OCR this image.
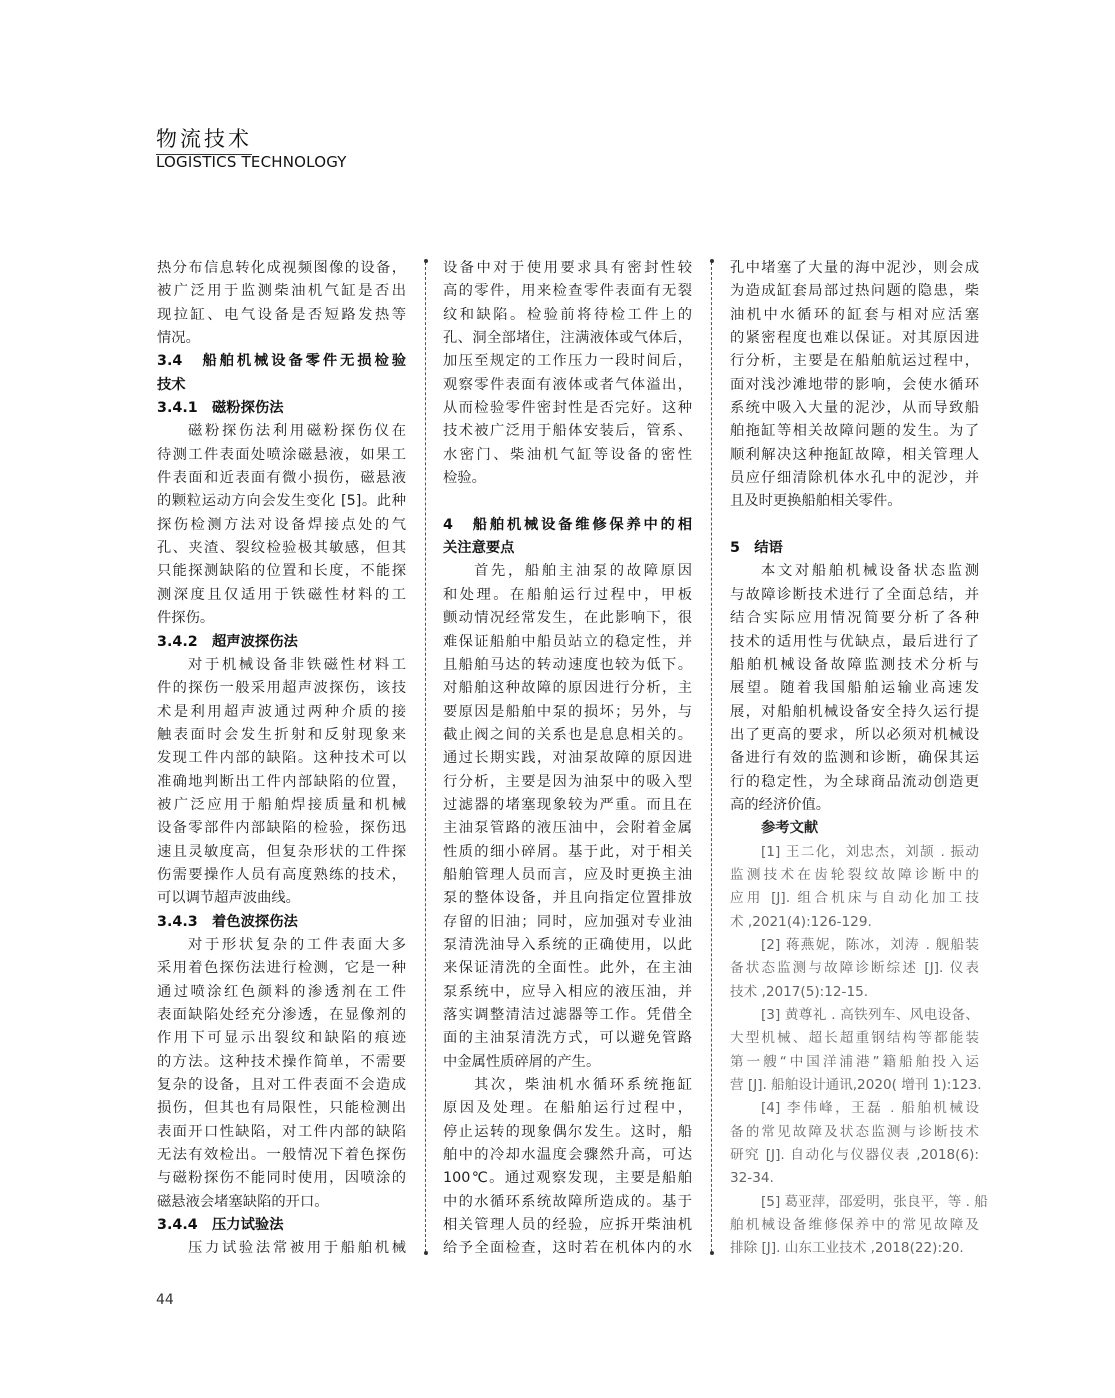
物流技术
LOGISTICS TECHNOLOGY
热分布信息转化成视频图像的设备，
被广泛用于监测柴油机气缸是否出
现拉缸、电气设备是否短路发热等
情况。
3.4　船舶机械设备零件无损检验
技术
3.4.1　磁粉探伤法
磁粉探伤法利用磁粉探伤仪在
待测工件表面处喷涂磁悬液，如果工
件表面和近表面有微小损伤，磁悬液
的颗粒运动方向会发生变化 [5]。此种
探伤检测方法对设备焊接点处的气
孔、夹渣、裂纹检验极其敏感，但其
只能探测缺陷的位置和长度，不能探
测深度且仅适用于铁磁性材料的工
件探伤。
3.4.2　超声波探伤法
对于机械设备非铁磁性材料工
件的探伤一般采用超声波探伤，该技
术是利用超声波通过两种介质的接
触表面时会发生折射和反射现象来
发现工件内部的缺陷。这种技术可以
准确地判断出工件内部缺陷的位置，
被广泛应用于船舶焊接质量和机械
设备零部件内部缺陷的检验，探伤迅
速且灵敏度高，但复杂形状的工件探
伤需要操作人员有高度熟练的技术，
可以调节超声波曲线。
3.4.3　着色波探伤法
对于形状复杂的工件表面大多
采用着色探伤法进行检测，它是一种
通过喷涂红色颜料的渗透剂在工件
表面缺陷处经充分渗透，在显像剂的
作用下可显示出裂纹和缺陷的痕迹
的方法。这种技术操作简单，不需要
复杂的设备，且对工件表面不会造成
损伤，但其也有局限性，只能检测出
表面开口性缺陷，对工件内部的缺陷
无法有效检出。一般情况下着色探伤
与磁粉探伤不能同时使用，因喷涂的
磁悬液会堵塞缺陷的开口。
3.4.4　压力试验法
压力试验法常被用于船舶机械
设备中对于使用要求具有密封性较
高的零件，用来检查零件表面有无裂
纹和缺陷。检验前将待检工件上的
孔、洞全部堵住，注满液体或气体后，
加压至规定的工作压力一段时间后，
观察零件表面有液体或者气体溢出，
从而检验零件密封性是否完好。这种
技术被广泛用于船体安装后，管系、
水密门、柴油机气缸等设备的密性
检验。
4　船舶机械设备维修保养中的相
关注意要点
首先，船舶主油泵的故障原因
和处理。在船舶运行过程中，甲板
颤动情况经常发生，在此影响下，很
难保证船舶中船员站立的稳定性，并
且船舶马达的转动速度也较为低下。
对船舶这种故障的原因进行分析，主
要原因是船舶中泵的损坏；另外，与
截止阀之间的关系也是息息相关的。
通过长期实践，对油泵故障的原因进
行分析，主要是因为油泵中的吸入型
过滤器的堵塞现象较为严重。而且在
主油泵管路的液压油中，会附着金属
性质的细小碎屑。基于此，对于相关
船舶管理人员而言，应及时更换主油
泵的整体设备，并且向指定位置排放
存留的旧油；同时，应加强对专业油
泵清洗油导入系统的正确使用，以此
来保证清洗的全面性。此外，在主油
泵系统中，应导入相应的液压油，并
落实调整清洁过滤器等工作。凭借全
面的主油泵清洗方式，可以避免管路
中金属性质碎屑的产生。
其次，柴油机水循环系统拖缸
原因及处理。在船舶运行过程中，
停止运转的现象偶尔发生。这时，船
舶中的冷却水温度会骤然升高，可达
100℃。通过观察发现，主要是船舶
中的水循环系统故障所造成的。基于
相关管理人员的经验，应拆开柴油机
给予全面检查，这时若在机体内的水
孔中堵塞了大量的海中泥沙，则会成
为造成缸套局部过热问题的隐患，柴
油机中水循环的缸套与相对应活塞
的紧密程度也难以保证。对其原因进
行分析，主要是在船舶航运过程中，
面对浅沙滩地带的影响，会使水循环
系统中吸入大量的泥沙，从而导致船
舶拖缸等相关故障问题的发生。为了
顺利解决这种拖缸故障，相关管理人
员应仔细清除机体水孔中的泥沙，并
且及时更换船舶相关零件。
5　结语
本文对船舶机械设备状态监测
与故障诊断技术进行了全面总结，并
结合实际应用情况简要分析了各种
技术的适用性与优缺点，最后进行了
船舶机械设备故障监测技术分析与
展望。随着我国船舶运输业高速发
展，对船舶机械设备安全持久运行提
出了更高的要求，所以必须对机械设
备进行有效的监测和诊断，确保其运
行的稳定性，为全球商品流动创造更
高的经济价值。
参考文献
[1] 王二化，刘忠杰，刘颉 . 振动
监测技术在齿轮裂纹故障诊断中的
应用 [J]. 组合机床与自动化加工技
术 ,2021(4):126-129.
[2] 蒋燕妮，陈冰，刘涛 . 舰船装
备状态监测与故障诊断综述 [J]. 仪表
技术 ,2017(5):12-15.
[3] 黄尊礼 . 高铁列车、风电设备、
大型机械、超长超重钢结构等都能装
第一艘“中国洋浦港”籍船舶投入运
营 [J]. 船舶设计通讯,2020( 增刊 1):123.
[4] 李伟峰，王磊 . 船舶机械设
备的常见故障及状态监测与诊断技术
研究 [J]. 自动化与仪器仪表 ,2018(6):
32-34.
[5] 葛亚萍，邵爱明，张良平，等 . 船
舶机械设备维修保养中的常见故障及
排除 [J]. 山东工业技术 ,2018(22):20.
44
